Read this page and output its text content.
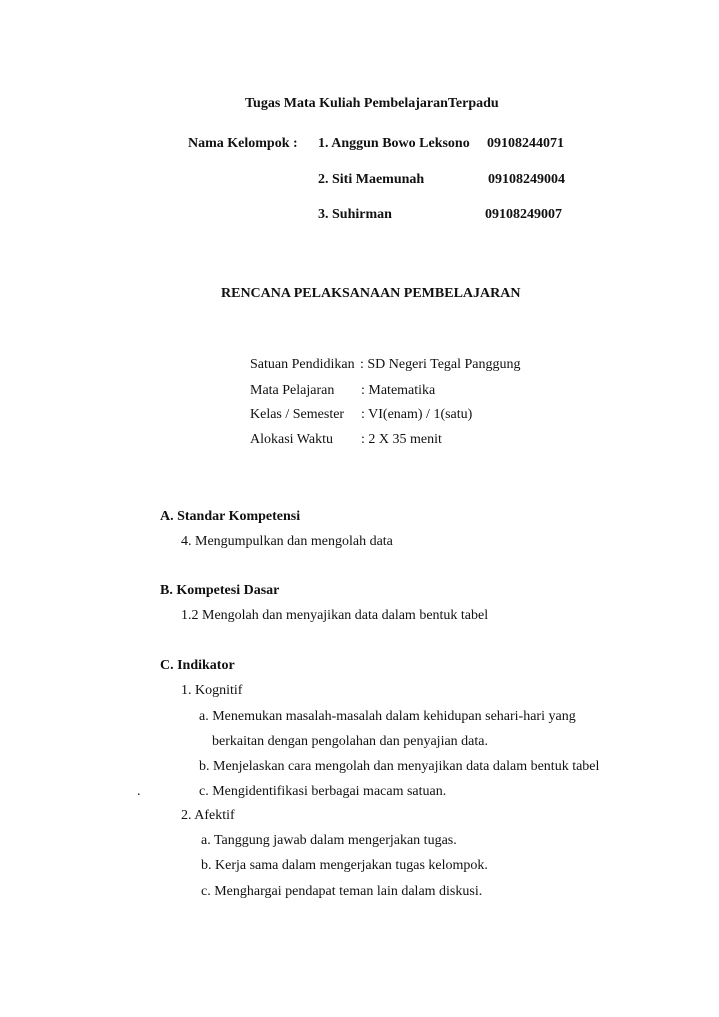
Tugas Mata Kuliah PembelajaranTerpadu
Nama Kelompok : 1. Anggun Bowo Leksono 09108244071
2. Siti Maemunah	09108249004
3. Suhirman	09108249007
RENCANA PELAKSANAAN PEMBELAJARAN
Satuan Pendidikan : SD Negeri Tegal Panggung
Mata Pelajaran : Matematika
Kelas / Semester : VI(enam) / 1(satu)
Alokasi Waktu : 2 X 35 menit
A. Standar Kompetensi
4. Mengumpulkan dan mengolah data
B. Kompetesi Dasar
1.2 Mengolah dan menyajikan data dalam bentuk tabel
C. Indikator
1. Kognitif
a. Menemukan masalah-masalah dalam kehidupan sehari-hari yang
berkaitan dengan pengolahan dan penyajian data.
b. Menjelaskan cara mengolah dan menyajikan data dalam bentuk tabel
.	c. Mengidentifikasi berbagai macam satuan.
2. Afektif
a. Tanggung jawab dalam mengerjakan tugas.
b. Kerja sama dalam mengerjakan tugas kelompok.
c. Menghargai pendapat teman lain dalam diskusi.
